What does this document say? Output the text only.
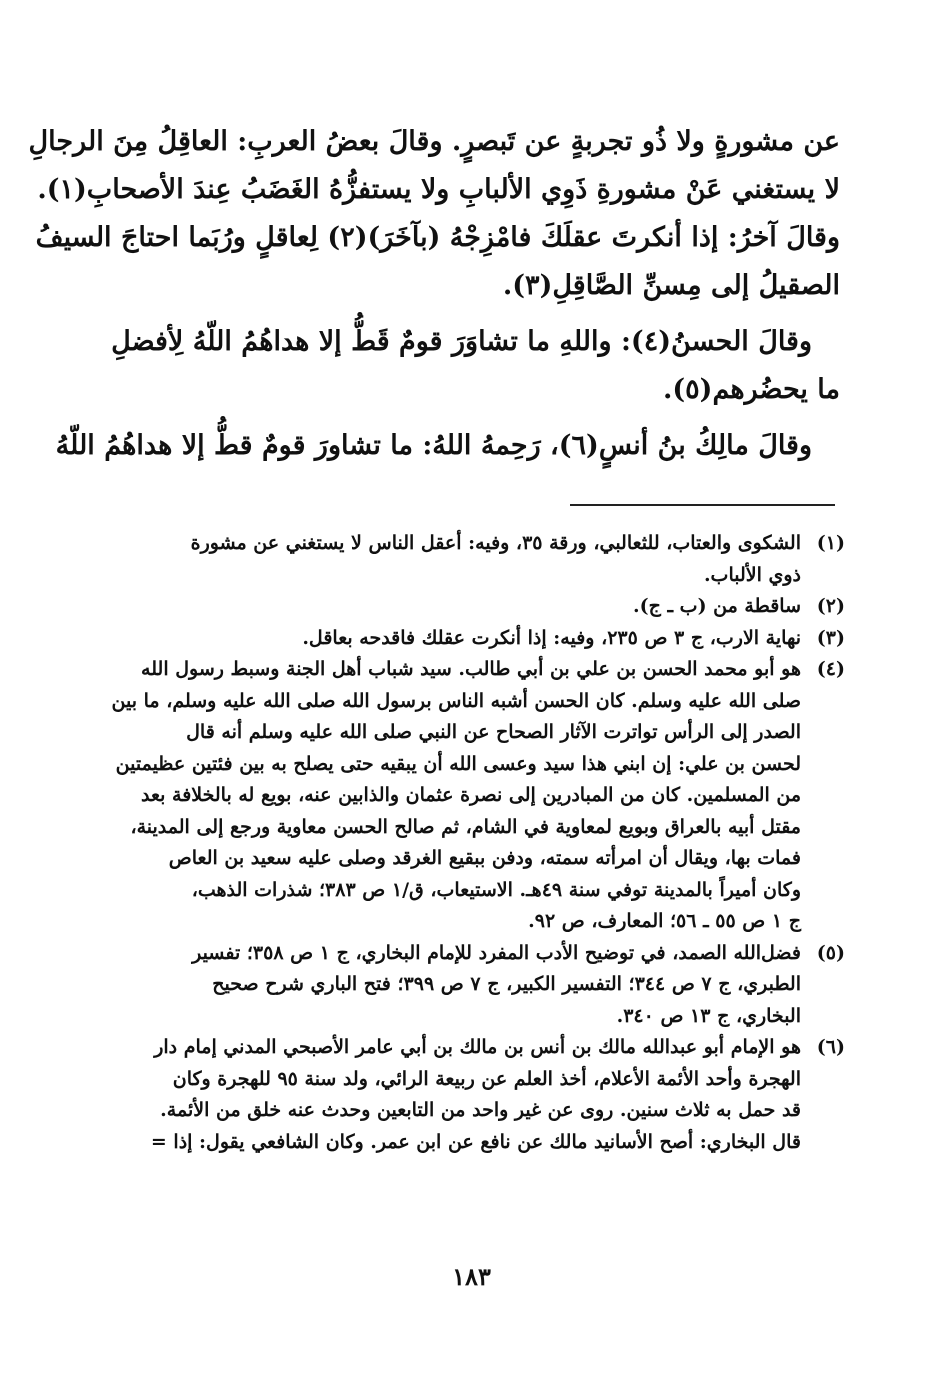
عن مشورةٍ ولا ذُو تجربةٍ عن تَبصرٍ. وقالَ بعضُ العربِ: العاقِلُ مِنَ الرجالِ
لا يستغني عَنْ مشورةِ ذَوِي الألبابِ ولا يستفزُّهُ الغَضَبُ عِندَ الأصحابِ(١).
وقالَ آخرُ: إذا أنكرتَ عقلَكَ فامْزِجْهُ (بآخَرَ)(٢) لِعاقلٍ ورُبَما احتاجَ السيفُ
الصقيلُ إلى مِسنِّ الصَّاقِلِ(٣).
وقالَ الحسنُ(٤): واللهِ ما تشاوَرَ قومٌ قَطُّ إلا هداهُمُ اللّهُ لِأفضلِ
ما يحضُرهم(٥).
وقالَ مالِكُ بنُ أنسٍ(٦)، رَحِمهُ اللهُ: ما تشاورَ قومٌ قطُّ إلا هداهُمُ اللّهُ
(١)
الشكوى والعتاب، للثعالبي، ورقة ٣٥، وفيه: أعقل الناس لا يستغني عن مشورة
ذوي الألباب.
(٢)
ساقطة من (ب ـ ج).
(٣)
نهاية الارب، ج ٣ ص ٢٣٥، وفيه: إذا أنكرت عقلك فاقدحه بعاقل.
(٤)
هو أبو محمد الحسن بن علي بن أبي طالب. سيد شباب أهل الجنة وسبط رسول الله
صلى الله عليه وسلم. كان الحسن أشبه الناس برسول الله صلى الله عليه وسلم، ما بين
الصدر إلى الرأس تواترت الآثار الصحاح عن النبي صلى الله عليه وسلم أنه قال
لحسن بن علي: إن ابني هذا سيد وعسى الله أن يبقيه حتى يصلح به بين فئتين عظيمتين
من المسلمين. كان من المبادرين إلى نصرة عثمان والذابين عنه، بويع له بالخلافة بعد
مقتل أبيه بالعراق وبويع لمعاوية في الشام، ثم صالح الحسن معاوية ورجع إلى المدينة،
فمات بها، ويقال أن امرأته سمته، ودفن ببقيع الغرقد وصلى عليه سعيد بن العاص
وكان أميراً بالمدينة توفي سنة ٤٩هـ. الاستيعاب، ق/١ ص ٣٨٣؛ شذرات الذهب،
ج ١ ص ٥٥ ـ ٥٦؛ المعارف، ص ٩٢.
(٥)
فضل‌الله الصمد، في توضيح الأدب المفرد للإمام البخاري، ج ١ ص ٣٥٨؛ تفسير
الطبري، ج ٧ ص ٣٤٤؛ التفسير الكبير، ج ٧ ص ٣٩٩؛ فتح الباري شرح صحيح
البخاري، ج ١٣ ص ٣٤٠.
(٦)
هو الإمام أبو عبدالله مالك بن أنس بن مالك بن أبي عامر الأصبحي المدني إمام دار
الهجرة وأحد الأئمة الأعلام، أخذ العلم عن ربيعة الرائي، ولد سنة ٩٥ للهجرة وكان
قد حمل به ثلاث سنين. روى عن غير واحد من التابعين وحدث عنه خلق من الأئمة.
قال البخاري: أصح الأسانيد مالك عن نافع عن ابن عمر. وكان الشافعي يقول: إذا =
١٨٣
